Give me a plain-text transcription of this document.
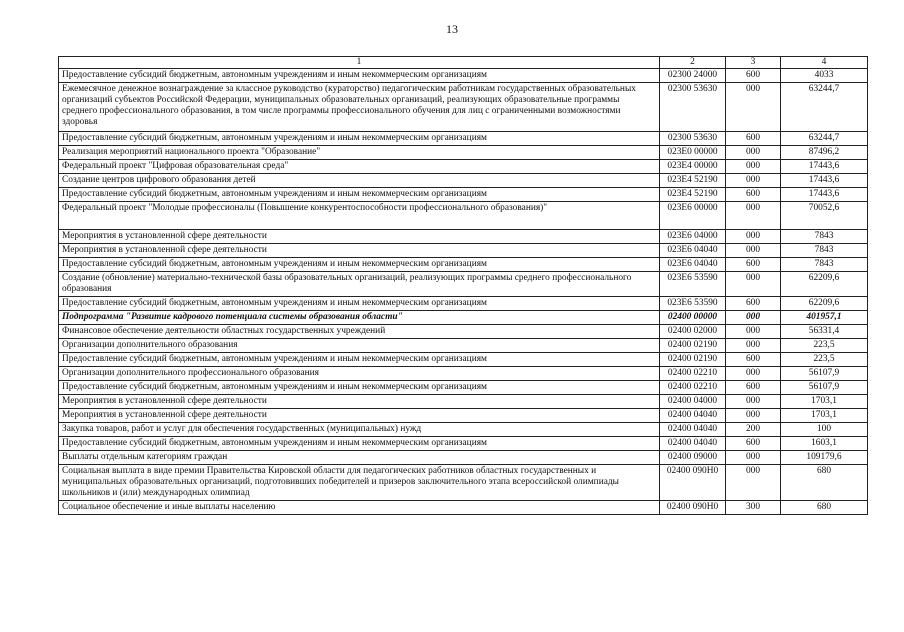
13
1	2	3	4
Предоставление субсидий бюджетным, автономным учреждениям и иным некоммерческим организациям	02300 24000	600	4033
Ежемесячное денежное вознаграждение за классное руководство (кураторство) педагогическим работникам государственных образовательных организаций субъектов Российской Федерации, муниципальных образовательных организаций, реализующих образовательные программы среднего профессионального образования, в том числе программы профессионального обучения для лиц с ограниченными возможностями здоровья	02300 53630	000	63244,7
Предоставление субсидий бюджетным, автономным учреждениям и иным некоммерческим организациям	02300 53630	600	63244,7
Реализация мероприятий национального проекта "Образование"	023E0 00000	000	87496,2
Федеральный проект "Цифровая образовательная среда"	023E4 00000	000	17443,6
Создание центров цифрового образования детей	023E4 52190	000	17443,6
Предоставление субсидий бюджетным, автономным учреждениям и иным некоммерческим организациям	023E4 52190	600	17443,6
Федеральный проект "Молодые профессионалы (Повышение конкурентоспособности профессионального образования)"	023E6 00000	000	70052,6
Мероприятия в установленной сфере деятельности	023E6 04000	000	7843
Мероприятия в установленной сфере деятельности	023E6 04040	000	7843
Предоставление субсидий бюджетным, автономным учреждениям и иным некоммерческим организациям	023E6 04040	600	7843
Создание (обновление) материально-технической базы образовательных организаций, реализующих программы среднего профессионального образования	023E6 53590	000	62209,6
Предоставление субсидий бюджетным, автономным учреждениям и иным некоммерческим организациям	023E6 53590	600	62209,6
Подпрограмма "Развитие кадрового потенциала системы образования области"	02400 00000	000	401957,1
Финансовое обеспечение деятельности областных государственных учреждений	02400 02000	000	56331,4
Организации дополнительного образования	02400 02190	000	223,5
Предоставление субсидий бюджетным, автономным учреждениям и иным некоммерческим организациям	02400 02190	600	223,5
Организации дополнительного профессионального образования	02400 02210	000	56107,9
Предоставление субсидий бюджетным, автономным учреждениям и иным некоммерческим организациям	02400 02210	600	56107,9
Мероприятия в установленной сфере деятельности	02400 04000	000	1703,1
Мероприятия в установленной сфере деятельности	02400 04040	000	1703,1
Закупка товаров, работ и услуг для обеспечения государственных (муниципальных) нужд	02400 04040	200	100
Предоставление субсидий бюджетным, автономным учреждениям и иным некоммерческим организациям	02400 04040	600	1603,1
Выплаты отдельным категориям граждан	02400 09000	000	109179,6
Социальная выплата в виде премии Правительства Кировской области для педагогических работников областных государственных и муниципальных образовательных организаций, подготовивших победителей и призеров заключительного этапа всероссийской олимпиады школьников и (или) международных олимпиад	02400 090Н0	000	680
Социальное обеспечение и иные выплаты населению	02400 090Н0	300	680
